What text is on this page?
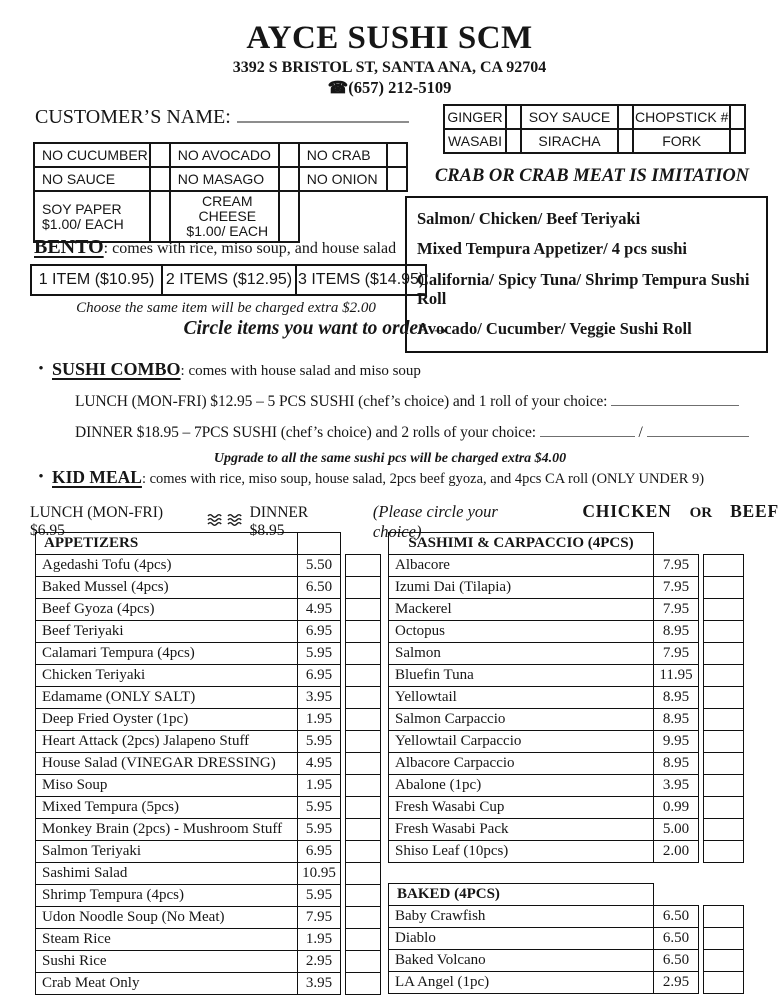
AYCE SUSHI SCM
3392 S BRISTOL ST, SANTA ANA, CA 92704
☎(657) 212-5109
CUSTOMER’S NAME:	GINGER		SOY SAUCE		CHOPSTICK #	
WASABI		SIRACHA		FORK	
NO CUCUMBER		NO AVOCADO		NO CRAB	
NO SAUCE		NO MASAGO		NO ONION	

SOY PAPER
$1.00/ EACH

CREAM CHEESE
$1.00/ EACH

CRAB OR CRAB MEAT IS IMITATION
Salmon/ Chicken/ Beef Teriyaki
Mixed Tempura Appetizer/ 4 pcs sushi
California/ Spicy Tuna/ Shrimp Tempura Sushi Roll
Avocado/ Cucumber/ Veggie Sushi Roll
BENTO: comes with rice, miso soup, and house salad
1 ITEM ($10.95)	2 ITEMS ($12.95)	3 ITEMS ($14.95)
Choose the same item will be charged extra $2.00
Circle items you want to order →
• SUSHI COMBO: comes with house salad and miso soup
LUNCH (MON-FRI) $12.95 – 5 PCS SUSHI (chef’s choice) and 1 roll of your choice:
DINNER $18.95 – 7PCS SUSHI (chef’s choice) and 2 rolls of your choice:	/
Upgrade to all the same sushi pcs will be charged extra $4.00
• KID MEAL: comes with rice, miso soup, house salad, 2pcs beef gyoza, and 4pcs CA roll (ONLY UNDER 9)
LUNCH (MON-FRI) $6.95
DINNER $8.95
(Please circle your choice)
CHICKEN OR BEEF
APPETIZERS			
Agedashi Tofu (4pcs)	5.50		
Baked Mussel (4pcs)	6.50		
Beef Gyoza (4pcs)	4.95		
Beef Teriyaki	6.95		
Calamari Tempura (4pcs)	5.95		
Chicken Teriyaki	6.95		
Edamame (ONLY SALT)	3.95		
Deep Fried Oyster (1pc)	1.95		
Heart Attack (2pcs) Jalapeno Stuff	5.95		
House Salad (VINEGAR DRESSING)	4.95		
Miso Soup	1.95		
Mixed Tempura (5pcs)	5.95		
Monkey Brain (2pcs) - Mushroom Stuff	5.95		
Salmon Teriyaki	6.95		
Sashimi Salad	10.95		
Shrimp Tempura (4pcs)	5.95		
Udon Noodle Soup (No Meat)	7.95		
Steam Rice	1.95		
Sushi Rice	2.95		
Crab Meat Only	3.95		
SASHIMI & CARPACCIO (4PCS)			
Albacore	7.95		
Izumi Dai (Tilapia)	7.95		
Mackerel	7.95		
Octopus	8.95		
Salmon	7.95		
Bluefin Tuna	11.95		
Yellowtail	8.95		
Salmon Carpaccio	8.95		
Yellowtail Carpaccio	9.95		
Albacore Carpaccio	8.95		
Abalone (1pc)	3.95		
Fresh Wasabi Cup	0.99		
Fresh Wasabi Pack	5.00		
Shiso Leaf (10pcs)	2.00		
BAKED (4PCS)			
Baby Crawfish	6.50		
Diablo	6.50		
Baked Volcano	6.50		
LA Angel (1pc)	2.95		
